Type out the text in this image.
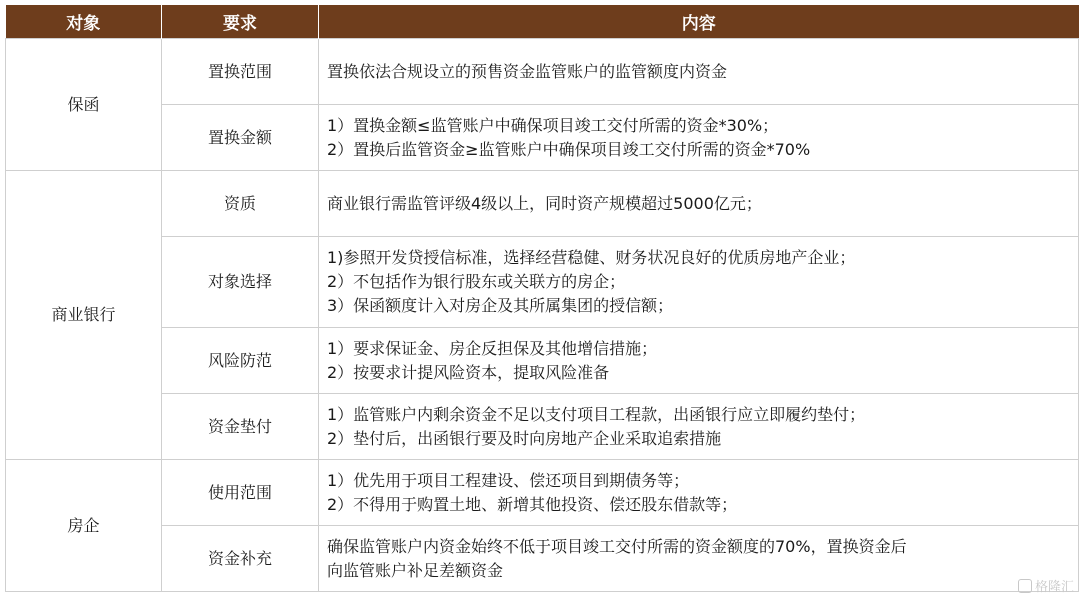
对象	要求	内容
保函	置换范围	置换依法合规设立的预售资金监管账户的监管额度内资金

	置换金额	1）置换金额≤监管账户中确保项目竣工交付所需的资金*30%；
2）置换后监管资金≥监管账户中确保项目竣工交付所需的资金*70%

商业银行	资质	商业银行需监管评级4级以上，同时资产规模超过5000亿元；

	对象选择	1)参照开发贷授信标准，选择经营稳健、财务状况良好的优质房地产企业；
2）不包括作为银行股东或关联方的房企；
3）保函额度计入对房企及其所属集团的授信额；

	风险防范	1）要求保证金、房企反担保及其他增信措施；
2）按要求计提风险资本，提取风险准备

	资金垫付	1）监管账户内剩余资金不足以支付项目工程款，出函银行应立即履约垫付；
2）垫付后，出函银行要及时向房地产企业采取追索措施

房企	使用范围	1）优先用于项目工程建设、偿还项目到期债务等；
2）不得用于购置土地、新增其他投资、偿还股东借款等；

	资金补充	确保监管账户内资金始终不低于项目竣工交付所需的资金额度的70%，置换资金后
向监管账户补足差额资金
格隆汇
